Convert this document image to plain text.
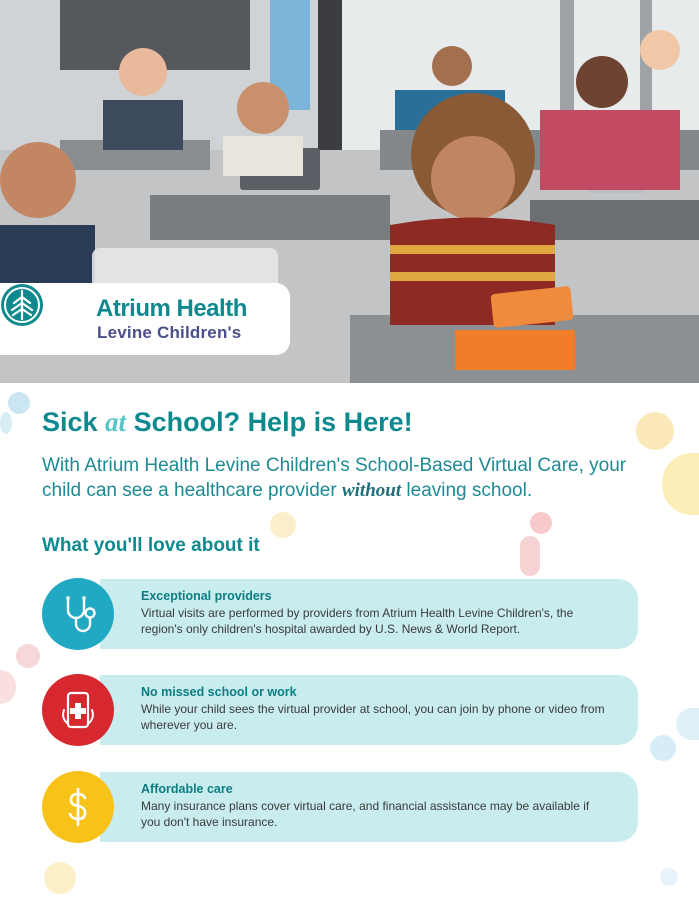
Atrium Health
Levine Children's
Sick at School? Help is Here!

With Atrium Health Levine Children's School-Based Virtual Care, your child can see a healthcare provider without leaving school.

What you'll love about it
Exceptional providers
Virtual visits are performed by providers from Atrium Health Levine Children's, the region's only children's hospital awarded by U.S. News & World Report.
No missed school or work
While your child sees the virtual provider at school, you can join by phone or video from wherever you are.
Affordable care
Many insurance plans cover virtual care, and financial assistance may be available if you don't have insurance.
